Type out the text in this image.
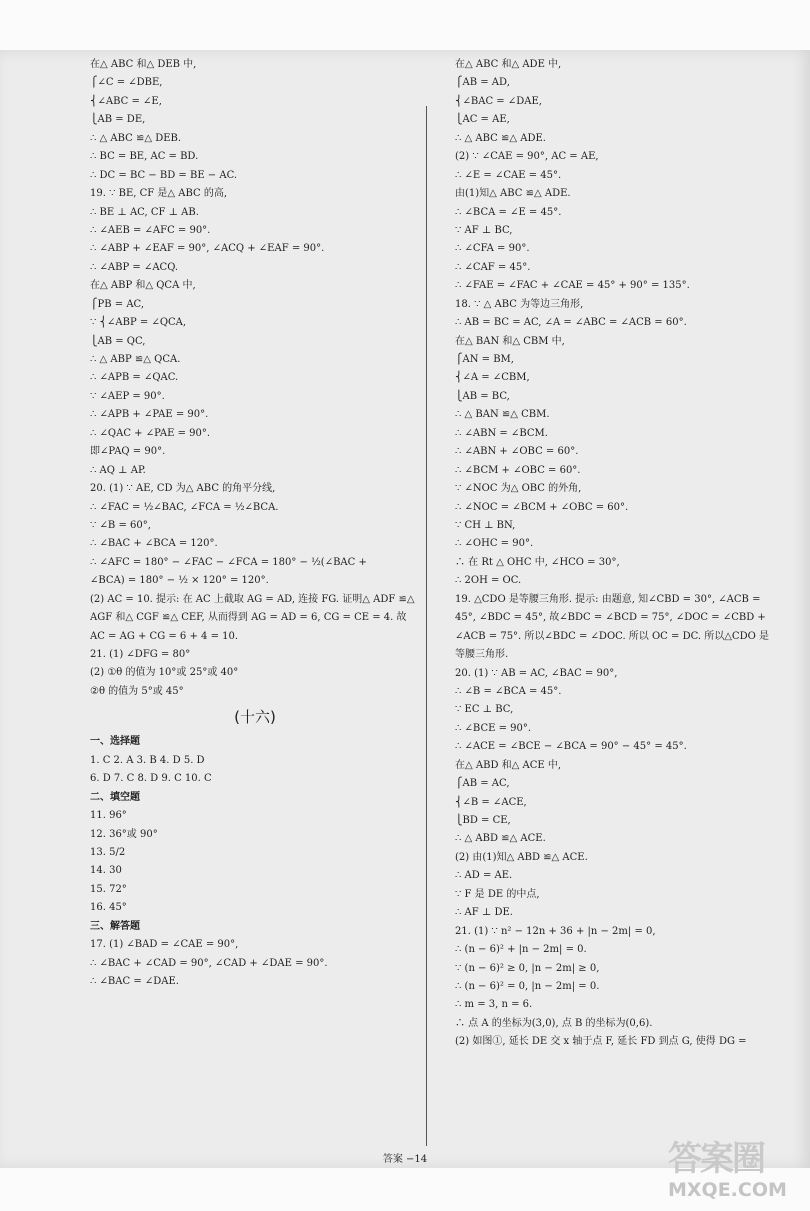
在△ ABC 和△ DEB 中,
⎧∠C = ∠DBE,
⎨∠ABC = ∠E,
⎩AB = DE,
∴ △ ABC ≌△ DEB.
∴ BC = BE, AC = BD.
∴ DC = BC − BD = BE − AC.
19. ∵ BE, CF 是△ ABC 的高,
∴ BE ⊥ AC, CF ⊥ AB.
∴ ∠AEB = ∠AFC = 90°.
∴ ∠ABP + ∠EAF = 90°, ∠ACQ + ∠EAF = 90°.
∴ ∠ABP = ∠ACQ.
在△ ABP 和△ QCA 中,
⎧PB = AC,
∵ ⎨∠ABP = ∠QCA,
⎩AB = QC,
∴ △ ABP ≌△ QCA.
∴ ∠APB = ∠QAC.
∵ ∠AEP = 90°.
∴ ∠APB + ∠PAE = 90°.
∴ ∠QAC + ∠PAE = 90°.
即∠PAQ = 90°.
∴ AQ ⊥ AP.
20. (1) ∵ AE, CD 为△ ABC 的角平分线,
∴ ∠FAC = ½∠BAC, ∠FCA = ½∠BCA.
∵ ∠B = 60°,
∴ ∠BAC + ∠BCA = 120°.
∴ ∠AFC = 180° − ∠FAC − ∠FCA = 180° − ½(∠BAC +
∠BCA) = 180° − ½ × 120° = 120°.
(2) AC = 10. 提示: 在 AC 上截取 AG = AD, 连接 FG. 证明△ ADF ≌△ AGF 和△ CGF ≌△ CEF, 从而得到 AG = AD = 6, CG = CE = 4. 故 AC = AG + CG = 6 + 4 = 10.
21. (1) ∠DFG = 80°
(2) ①θ 的值为 10°或 25°或 40°
②θ 的值为 5°或 45°
(十六)
一、选择题
1. C 2. A 3. B 4. D 5. D
6. D 7. C 8. D 9. C 10. C
二、填空题
11. 96°
12. 36°或 90°
13. 5/2
14. 30
15. 72°
16. 45°
三、解答题
17. (1) ∠BAD = ∠CAE = 90°,
∴ ∠BAC + ∠CAD = 90°, ∠CAD + ∠DAE = 90°.
∴ ∠BAC = ∠DAE.
在△ ABC 和△ ADE 中,
⎧AB = AD,
⎨∠BAC = ∠DAE,
⎩AC = AE,
∴ △ ABC ≌△ ADE.
(2) ∵ ∠CAE = 90°, AC = AE,
∴ ∠E = ∠CAE = 45°.
由(1)知△ ABC ≌△ ADE.
∴ ∠BCA = ∠E = 45°.
∵ AF ⊥ BC,
∴ ∠CFA = 90°.
∴ ∠CAF = 45°.
∴ ∠FAE = ∠FAC + ∠CAE = 45° + 90° = 135°.
18. ∵ △ ABC 为等边三角形,
∴ AB = BC = AC, ∠A = ∠ABC = ∠ACB = 60°.
在△ BAN 和△ CBM 中,
⎧AN = BM,
⎨∠A = ∠CBM,
⎩AB = BC,
∴ △ BAN ≌△ CBM.
∴ ∠ABN = ∠BCM.
∴ ∠ABN + ∠OBC = 60°.
∴ ∠BCM + ∠OBC = 60°.
∵ ∠NOC 为△ OBC 的外角,
∴ ∠NOC = ∠BCM + ∠OBC = 60°.
∵ CH ⊥ BN,
∴ ∠OHC = 90°.
∴ 在 Rt △ OHC 中, ∠HCO = 30°,
∴ 2OH = OC.
19. △CDO 是等腰三角形. 提示: 由题意, 知∠CBD = 30°, ∠ACB = 45°, ∠BDC = 45°, 故∠BDC = ∠BCD = 75°, ∠DOC = ∠CBD + ∠ACB = 75°. 所以∠BDC = ∠DOC. 所以 OC = DC. 所以△CDO 是等腰三角形.
20. (1) ∵ AB = AC, ∠BAC = 90°,
∴ ∠B = ∠BCA = 45°.
∵ EC ⊥ BC,
∴ ∠BCE = 90°.
∴ ∠ACE = ∠BCE − ∠BCA = 90° − 45° = 45°.
在△ ABD 和△ ACE 中,
⎧AB = AC,
⎨∠B = ∠ACE,
⎩BD = CE,
∴ △ ABD ≌△ ACE.
(2) 由(1)知△ ABD ≌△ ACE.
∴ AD = AE.
∵ F 是 DE 的中点,
∴ AF ⊥ DE.
21. (1) ∵ n² − 12n + 36 + |n − 2m| = 0,
∴ (n − 6)² + |n − 2m| = 0.
∵ (n − 6)² ≥ 0, |n − 2m| ≥ 0,
∴ (n − 6)² = 0, |n − 2m| = 0.
∴ m = 3, n = 6.
∴ 点 A 的坐标为(3,0), 点 B 的坐标为(0,6).
(2) 如图①, 延长 DE 交 x 轴于点 F, 延长 FD 到点 G, 使得 DG =
答案 −14	答案圈
MXQE.COM
